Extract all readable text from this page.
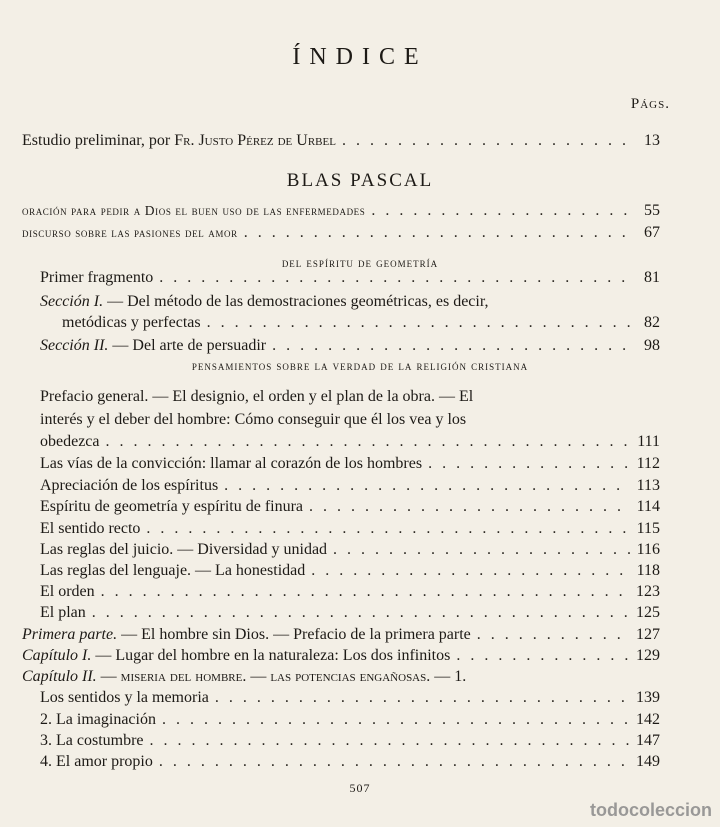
ÍNDICE
Págs.
Estudio preliminar, por Fr. Justo Pérez de Urbel . . .	13
BLAS PASCAL
oración para pedir a Dios el buen uso de las enfermedades . . .	55
discurso sobre las pasiones del amor . . .	67
del espíritu de geometría
Primer fragmento . . .	81
Sección I. — Del método de las demostraciones geométricas, es decir,
metódicas y perfectas . . .	82
Sección II. — Del arte de persuadir . . .	98
pensamientos sobre la verdad de la religión cristiana
Prefacio general. — El designio, el orden y el plan de la obra. — El
interés y el deber del hombre: Cómo conseguir que él los vea y los
obedezca . . .	111
Las vías de la convicción: llamar al corazón de los hombres . . .	112
Apreciación de los espíritus . . .	113
Espíritu de geometría y espíritu de finura . . .	114
El sentido recto . . .	115
Las reglas del juicio. — Diversidad y unidad . . .	116
Las reglas del lenguaje. — La honestidad . . .	118
El orden . . .	123
El plan . . .	125
Primera parte. — El hombre sin Dios. — Prefacio de la primera parte . . .	127
Capítulo I. — Lugar del hombre en la naturaleza: Los dos infinitos . . .	129
Capítulo II. — miseria del hombre. — las potencias engañosas. — 1.
Los sentidos y la memoria . . .	139
2. La imaginación . . .	142
3. La costumbre . . .	147
4. El amor propio . . .	149
507
todocoleccion
